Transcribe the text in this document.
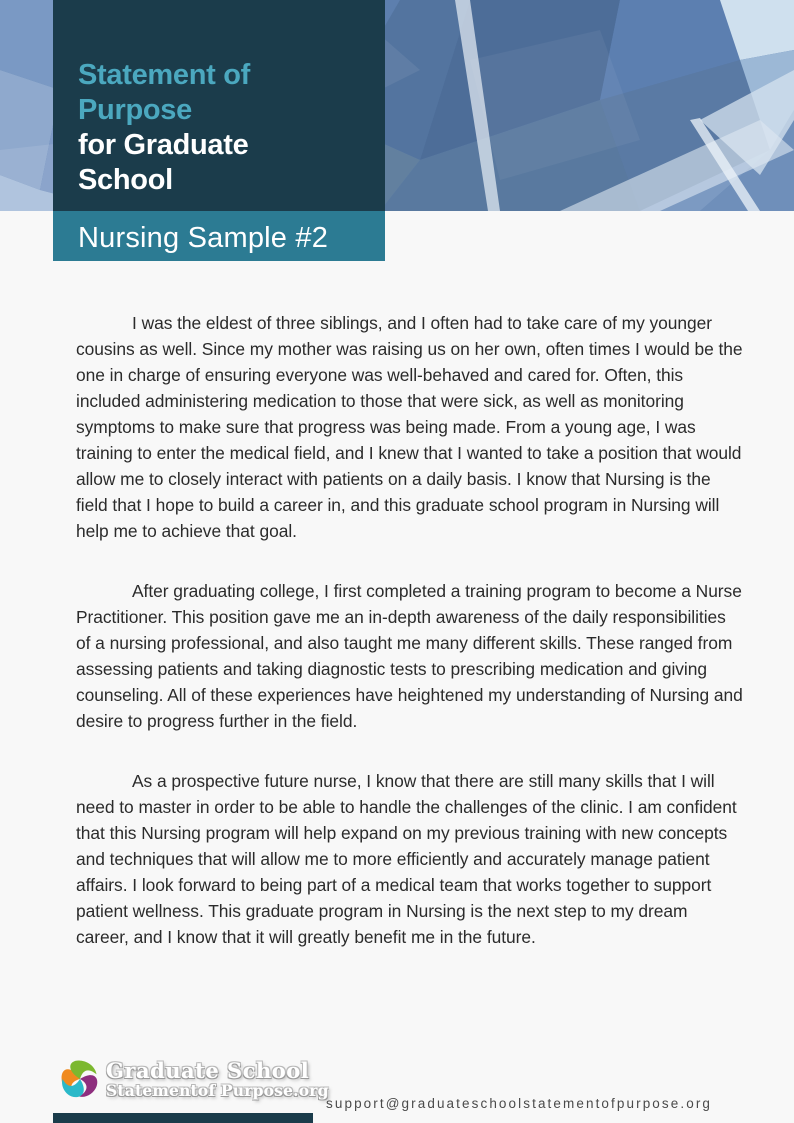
Statement of
Purpose
for Graduate
School
Nursing Sample #2

I was the eldest of three siblings, and I often had to take care of my younger cousins as well. Since my mother was raising us on her own, often times I would be the one in charge of ensuring everyone was well-behaved and cared for. Often, this included administering medication to those that were sick, as well as monitoring symptoms to make sure that progress was being made. From a young age, I was training to enter the medical field, and I knew that I wanted to take a position that would allow me to closely interact with patients on a daily basis. I know that Nursing is the field that I hope to build a career in, and this graduate school program in Nursing will help me to achieve that goal.

After graduating college, I first completed a training program to become a Nurse Practitioner. This position gave me an in-depth awareness of the daily responsibilities of a nursing professional, and also taught me many different skills. These ranged from assessing patients and taking diagnostic tests to prescribing medication and giving counseling. All of these experiences have heightened my understanding of Nursing and desire to progress further in the field.

As a prospective future nurse, I know that there are still many skills that I will need to master in order to be able to handle the challenges of the clinic. I am confident that this Nursing program will help expand on my previous training with new concepts and techniques that will allow me to more efficiently and accurately manage patient affairs. I look forward to being part of a medical team that works together to support patient wellness. This graduate program in Nursing is the next step to my dream career, and I know that it will greatly benefit me in the future.

Graduate School
Statementof Purpose.org
support@graduateschoolstatementofpurpose.org
